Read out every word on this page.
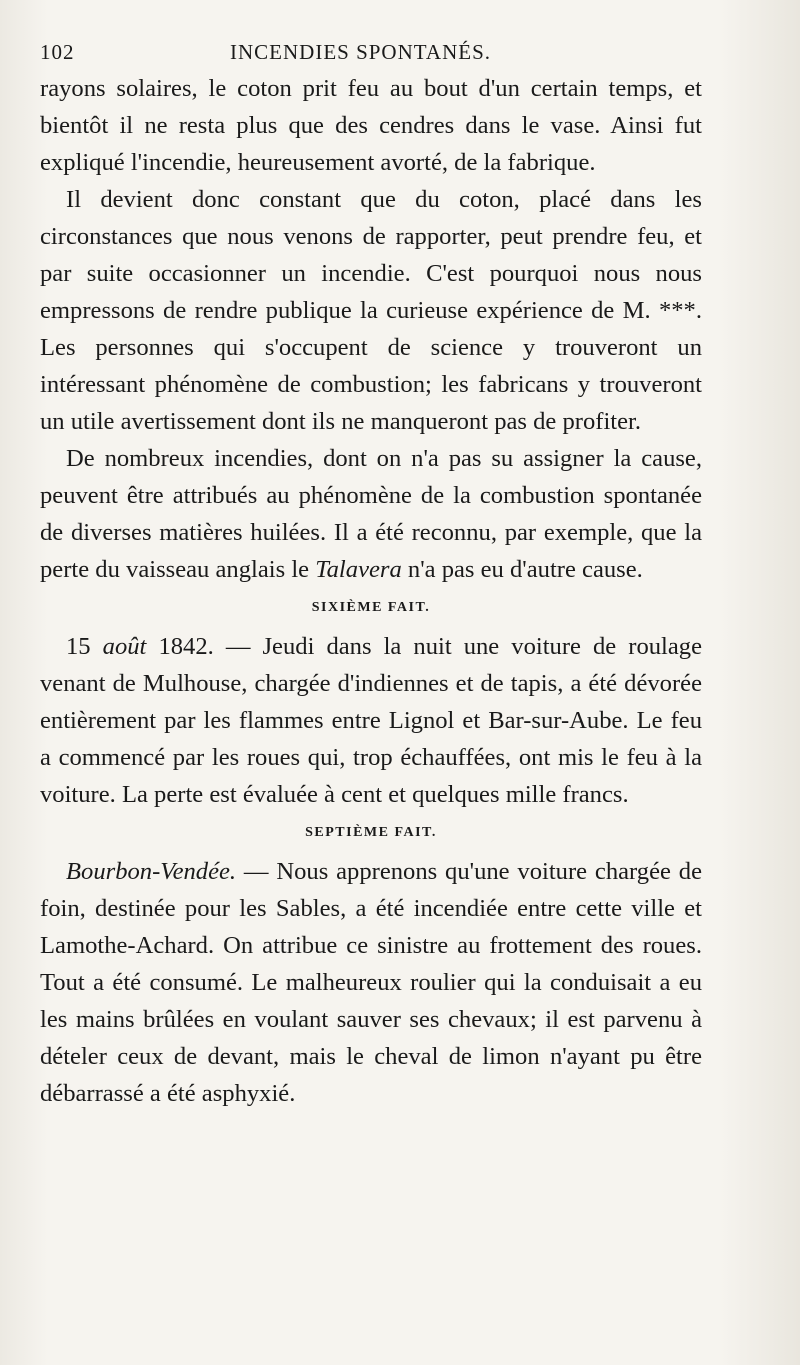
102	INCENDIES SPONTANÉS.

rayons solaires, le coton prit feu au bout d'un certain temps, et bientôt il ne resta plus que des cendres dans le vase. Ainsi fut expliqué l'incendie, heureusement avorté, de la fabrique.

Il devient donc constant que du coton, placé dans les circonstances que nous venons de rapporter, peut prendre feu, et par suite occasionner un incendie. C'est pourquoi nous nous empressons de rendre publique la curieuse expérience de M. ***. Les personnes qui s'occupent de science y trouveront un intéressant phénomène de combustion; les fabricans y trouveront un utile avertissement dont ils ne manqueront pas de profiter.

De nombreux incendies, dont on n'a pas su assigner la cause, peuvent être attribués au phénomène de la combustion spontanée de diverses matières huilées. Il a été reconnu, par exemple, que la perte du vaisseau anglais le Talavera n'a pas eu d'autre cause.

SIXIÈME FAIT.

15 août 1842. — Jeudi dans la nuit une voiture de roulage venant de Mulhouse, chargée d'indiennes et de tapis, a été dévorée entièrement par les flammes entre Lignol et Bar-sur-Aube. Le feu a commencé par les roues qui, trop échauffées, ont mis le feu à la voiture. La perte est évaluée à cent et quelques mille francs.

SEPTIÈME FAIT.

Bourbon-Vendée. — Nous apprenons qu'une voiture chargée de foin, destinée pour les Sables, a été incendiée entre cette ville et Lamothe-Achard. On attribue ce sinistre au frottement des roues. Tout a été consumé. Le malheureux roulier qui la conduisait a eu les mains brûlées en voulant sauver ses chevaux; il est parvenu à dételer ceux de devant, mais le cheval de limon n'ayant pu être débarrassé a été asphyxié.
